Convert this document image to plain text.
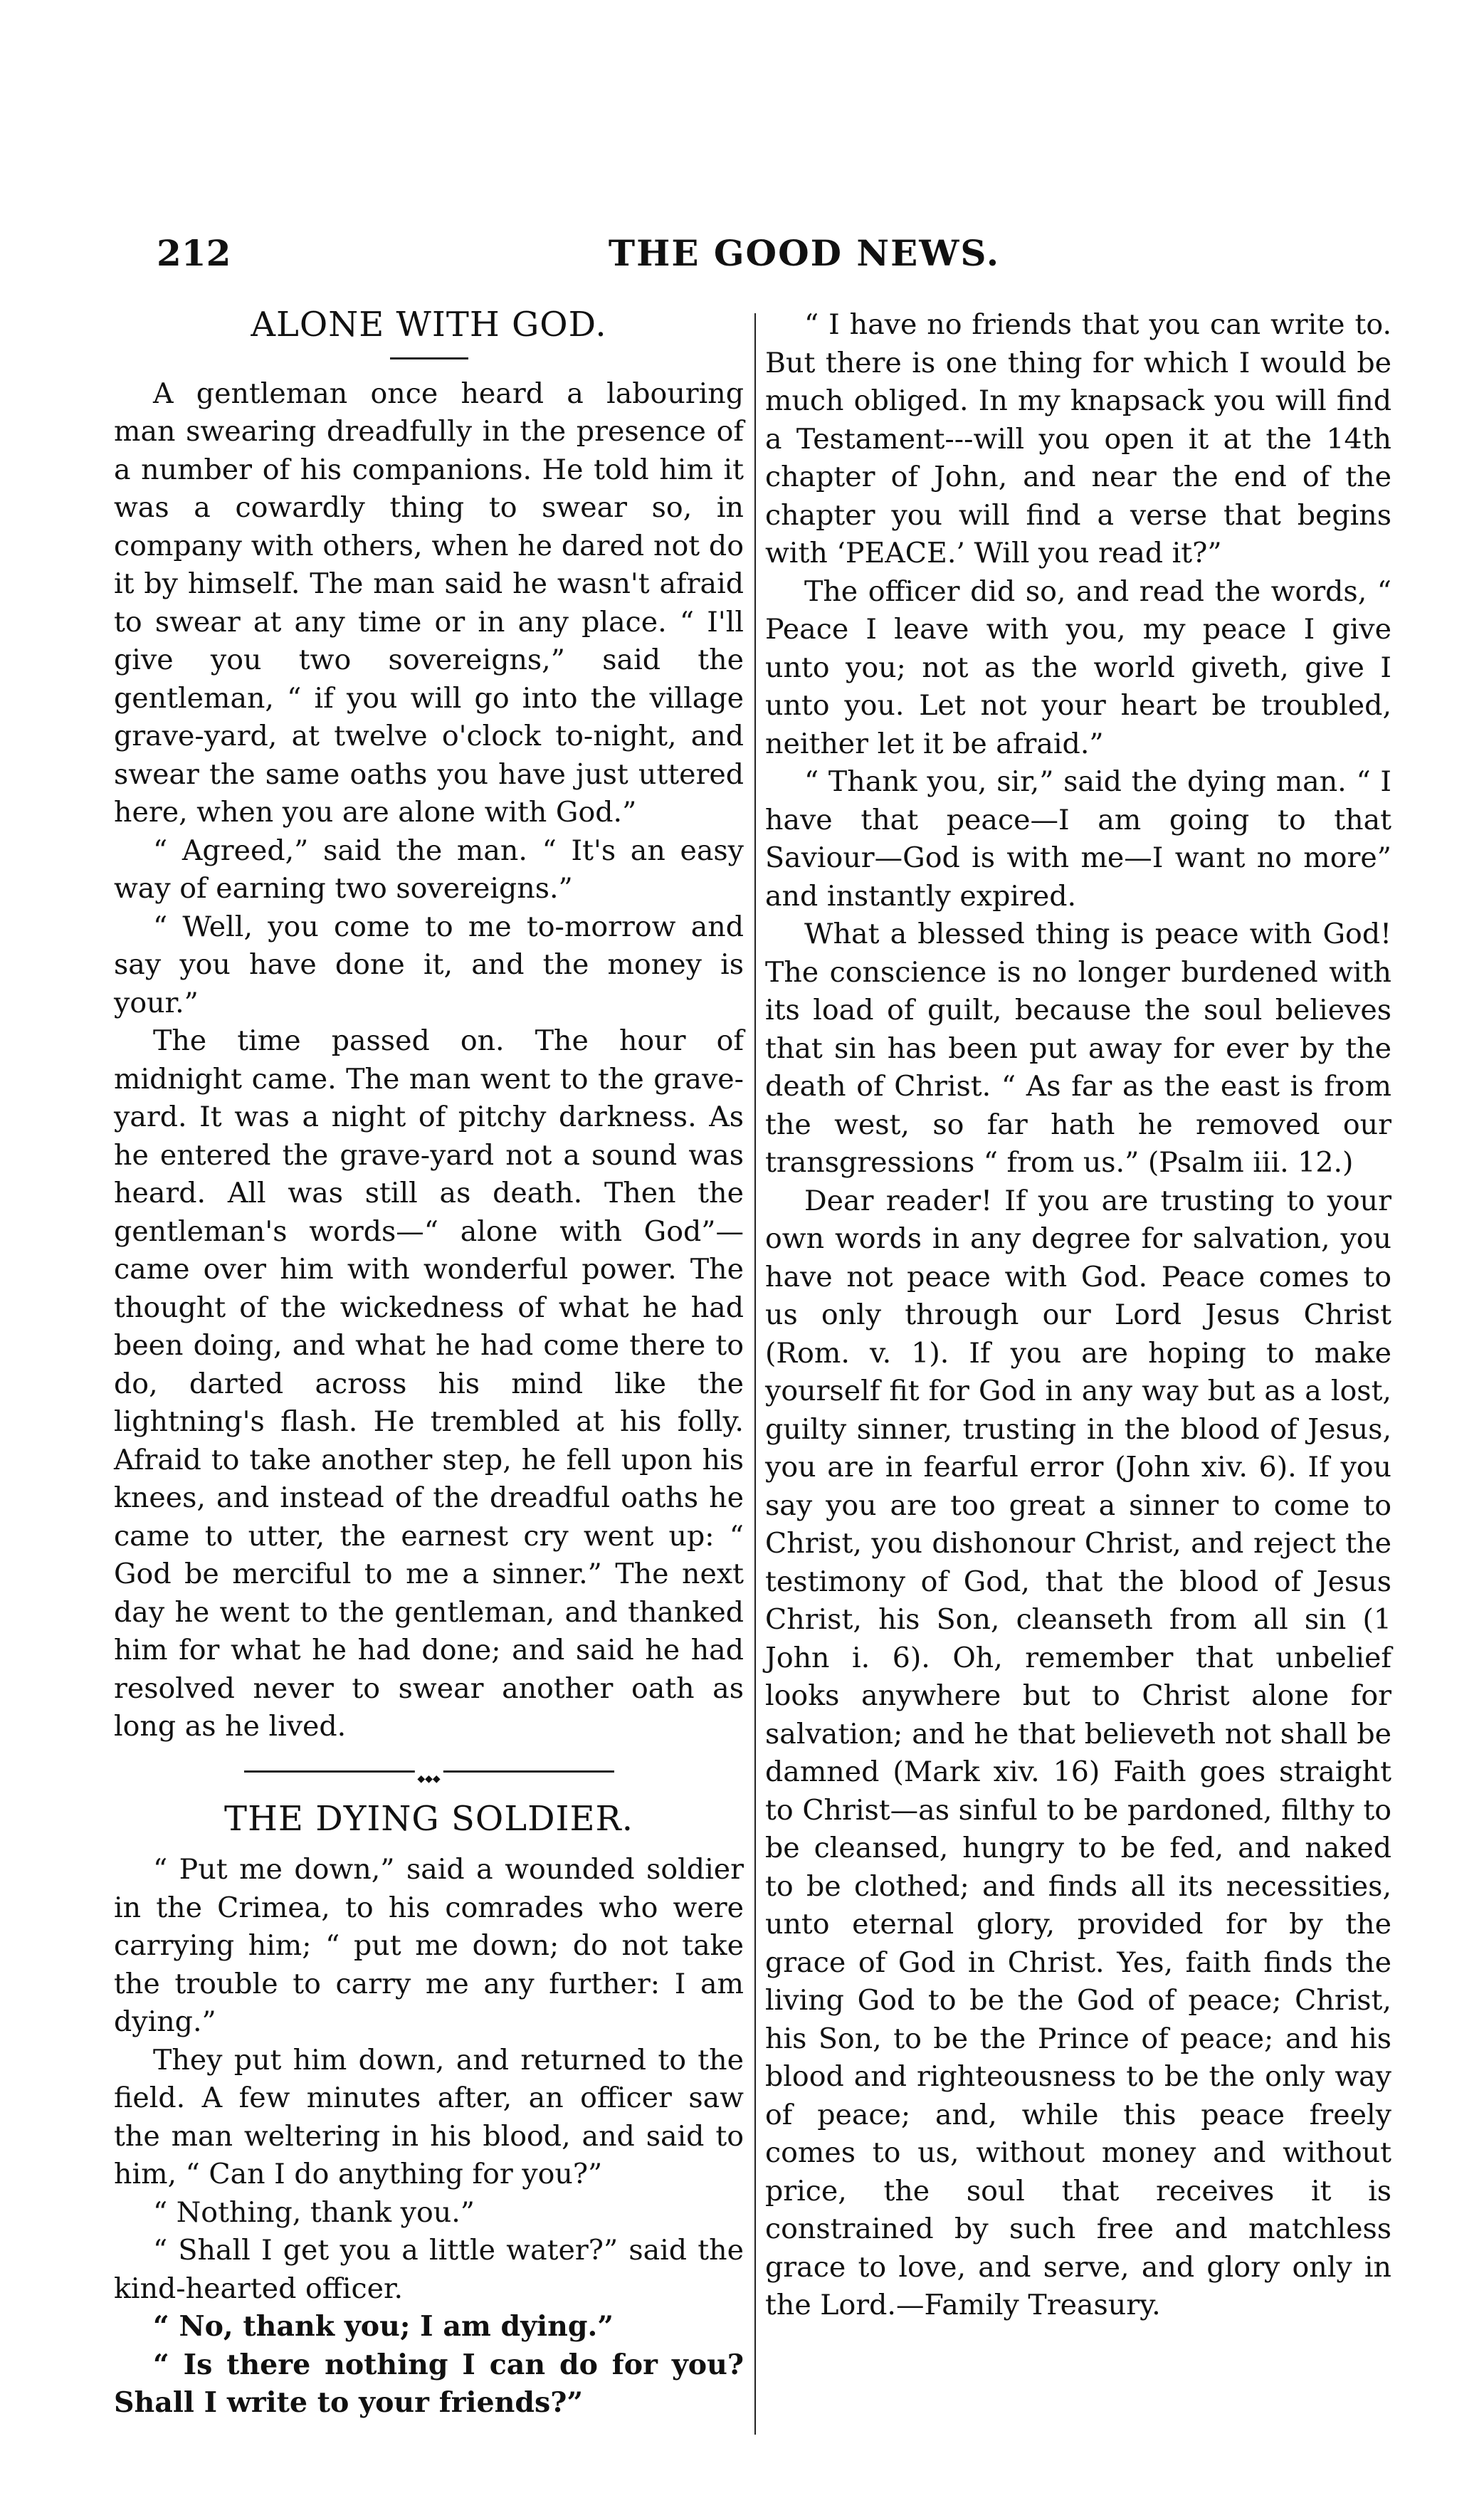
212	THE GOOD NEWS.
ALONE WITH GOD.

A gentleman once heard a labouring man swearing dreadfully in the presence of a number of his companions. He told him it was a cowardly thing to swear so, in company with others, when he dared not do it by himself. The man said he wasn't afraid to swear at any time or in any place. “ I'll give you two sovereigns,” said the gentleman, “ if you will go into the village grave-yard, at twelve o'clock to-night, and swear the same oaths you have just uttered here, when you are alone with God.”

“ Agreed,” said the man. “ It's an easy way of earning two sovereigns.”

“ Well, you come to me to-morrow and say you have done it, and the money is your.”

The time passed on. The hour of midnight came. The man went to the grave-yard. It was a night of pitchy darkness. As he entered the grave-yard not a sound was heard. All was still as death. Then the gentleman's words—“ alone with God”—came over him with wonderful power. The thought of the wickedness of what he had been doing, and what he had come there to do, darted across his mind like the lightning's flash. He trembled at his folly. Afraid to take another step, he fell upon his knees, and instead of the dreadful oaths he came to utter, the earnest cry went up: “ God be merciful to me a sinner.” The next day he went to the gentleman, and thanked him for what he had done; and said he had resolved never to swear another oath as long as he lived.

◆◆◆
THE DYING SOLDIER.

“ Put me down,” said a wounded soldier in the Crimea, to his comrades who were carrying him; “ put me down; do not take the trouble to carry me any further: I am dying.”

They put him down, and returned to the field. A few minutes after, an officer saw the man weltering in his blood, and said to him, “ Can I do anything for you?”

“ Nothing, thank you.”

“ Shall I get you a little water?” said the kind-hearted officer.

“ No, thank you; I am dying.”

“ Is there nothing I can do for you? Shall I write to your friends?”

“ I have no friends that you can write to. But there is one thing for which I would be much obliged. In my knapsack you will find a Testament---will you open it at the 14th chapter of John, and near the end of the chapter you will find a verse that begins with ‘PEACE.’ Will you read it?”

The officer did so, and read the words, “ Peace I leave with you, my peace I give unto you; not as the world giveth, give I unto you. Let not your heart be troubled, neither let it be afraid.”

“ Thank you, sir,” said the dying man. “ I have that peace—I am going to that Saviour—God is with me—I want no more” and instantly expired.

What a blessed thing is peace with God! The conscience is no longer burdened with its load of guilt, because the soul believes that sin has been put away for ever by the death of Christ. “ As far as the east is from the west, so far hath he removed our transgressions “ from us.” (Psalm iii. 12.)

Dear reader! If you are trusting to your own words in any degree for salvation, you have not peace with God. Peace comes to us only through our Lord Jesus Christ (Rom. v. 1). If you are hoping to make yourself fit for God in any way but as a lost, guilty sinner, trusting in the blood of Jesus, you are in fearful error (John xiv. 6). If you say you are too great a sinner to come to Christ, you dishonour Christ, and reject the testimony of God, that the blood of Jesus Christ, his Son, cleanseth from all sin (1 John i. 6). Oh, remember that unbelief looks anywhere but to Christ alone for salvation; and he that believeth not shall be damned (Mark xiv. 16) Faith goes straight to Christ—as sinful to be pardoned, filthy to be cleansed, hungry to be fed, and naked to be clothed; and finds all its necessities, unto eternal glory, provided for by the grace of God in Christ. Yes, faith finds the living God to be the God of peace; Christ, his Son, to be the Prince of peace; and his blood and righteousness to be the only way of peace; and, while this peace freely comes to us, without money and without price, the soul that receives it is constrained by such free and matchless grace to love, and serve, and glory only in the Lord.—Family Treasury.
